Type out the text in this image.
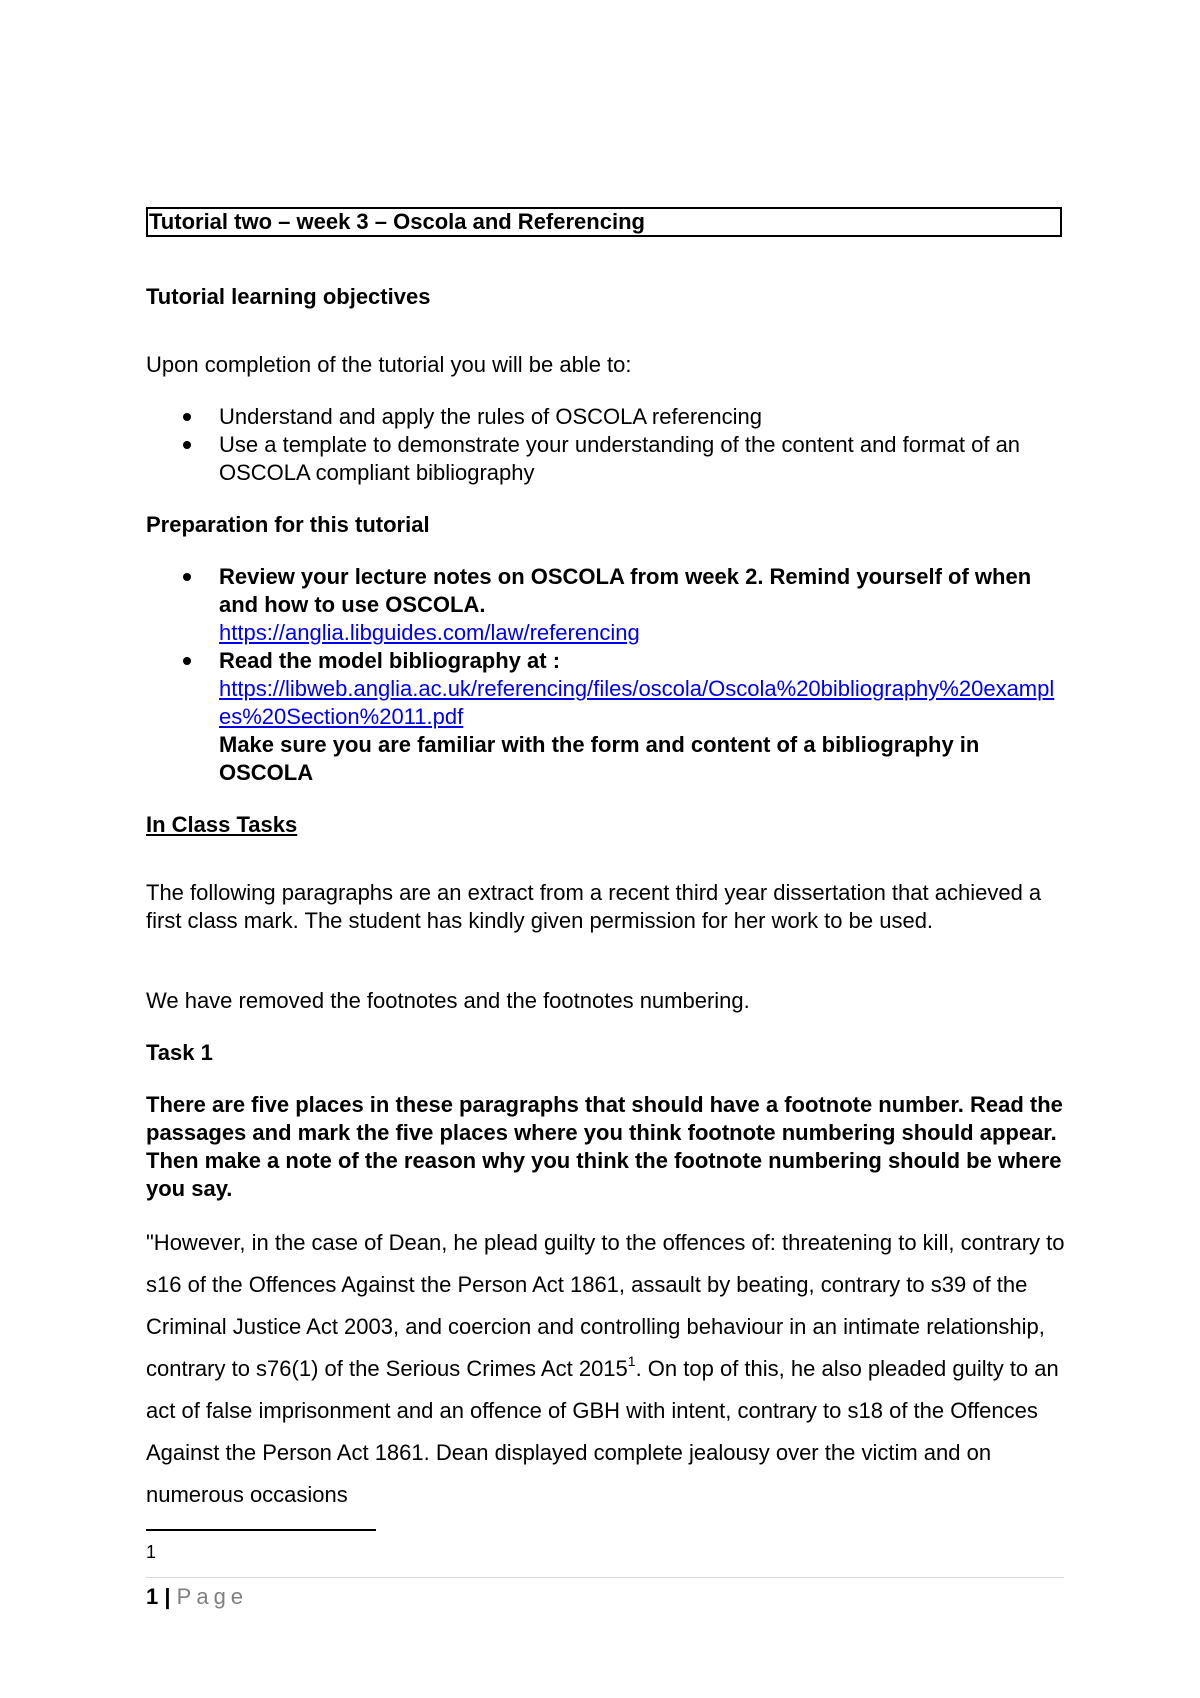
Tutorial two – week 3 – Oscola and Referencing
Tutorial learning objectives
Upon completion of the tutorial you will be able to:
Understand and apply the rules of OSCOLA referencing
Use a template to demonstrate your understanding of the content and format of an OSCOLA compliant bibliography
Preparation for this tutorial
Review your lecture notes on OSCOLA from week 2. Remind yourself of when and how to use OSCOLA.
https://anglia.libguides.com/law/referencing
Read the model bibliography at :
https://libweb.anglia.ac.uk/referencing/files/oscola/Oscola%20bibliography%20examples%20Section%2011.pdf
Make sure you are familiar with the form and content of a bibliography in OSCOLA
In Class Tasks
The following paragraphs are an extract from a recent third year dissertation that achieved a first class mark. The student has kindly given permission for her work to be used.
We have removed the footnotes and the footnotes numbering.
Task 1
There are five places in these paragraphs that should have a footnote number. Read the passages and mark the five places where you think footnote numbering should appear. Then make a note of the reason why you think the footnote numbering should be where you say.
"However, in the case of Dean, he plead guilty to the offences of: threatening to kill, contrary to s16 of the Offences Against the Person Act 1861, assault by beating, contrary to s39 of the Criminal Justice Act 2003, and coercion and controlling behaviour in an intimate relationship, contrary to s76(1) of the Serious Crimes Act 2015$^1$. On top of this, he also pleaded guilty to an act of false imprisonment and an offence of GBH with intent, contrary to s18 of the Offences Against the Person Act 1861. Dean displayed complete jealousy over the victim and on numerous occasions
1
1 | Page
